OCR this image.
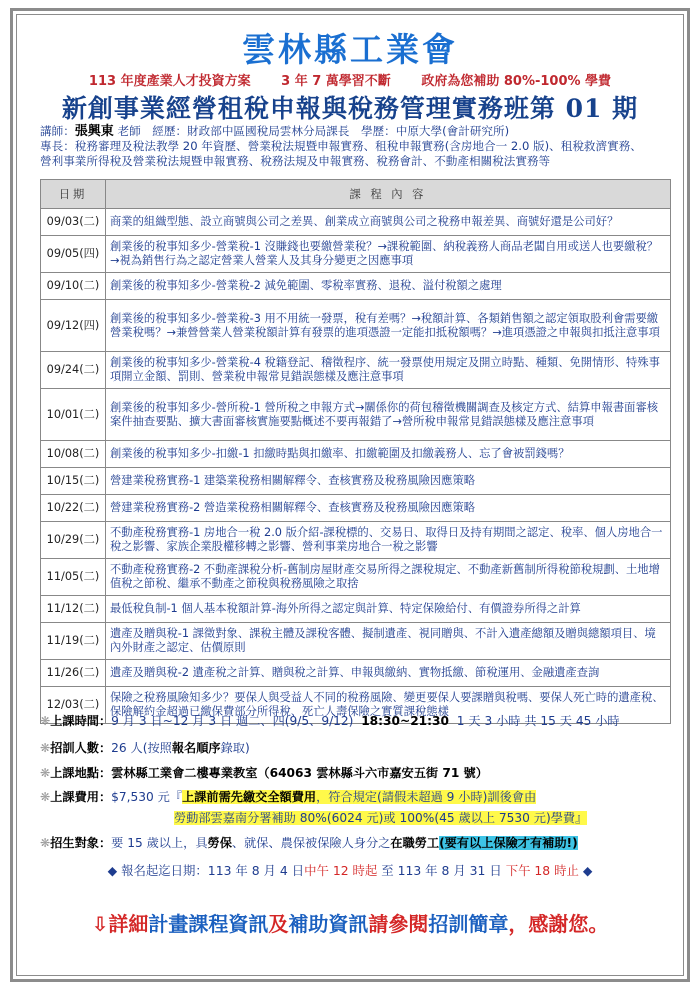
雲林縣工業會
113 年度產業人才投資方案 3 年 7 萬學習不斷 政府為您補助 80%-100% 學費
新創事業經營租稅申報與稅務管理實務班第 01 期
講師：張興東 老師　經歷：財政部中區國稅局雲林分局課長　學歷：中原大學(會計研究所)
專長：稅務審理及稅法教學 20 年資歷、營業稅法規暨申報實務、租稅申報實務(含房地合一 2.0 版)、租稅救濟實務、
營利事業所得稅及營業稅法規暨申報實務、稅務法規及申報實務、稅務會計、不動產相關稅法實務等
日期	課 程 內 容
09/03(二)	商業的組織型態、設立商號與公司之差異、創業成立商號與公司之稅務申報差異、商號好還是公司好？
09/05(四)	創業後的稅事知多少-營業稅-1 沒賺錢也要繳營業稅？→課稅範圍、納稅義務人商品老闆自用或送人也要繳稅？→視為銷售行為之認定營業人營業人及其身分變更之因應事項
09/10(二)	創業後的稅事知多少-營業稅-2 減免範圍、零稅率實務、退稅、溢付稅額之處理
09/12(四)	創業後的稅事知多少-營業稅-3 用不用統一發票，稅有差嗎？→稅額計算、各類銷售額之認定領取股利會需要繳營業稅嗎？→兼營營業人營業稅額計算有發票的進項憑證一定能扣抵稅額嗎？→進項憑證之申報與扣抵注意事項
09/24(二)	創業後的稅事知多少-營業稅-4 稅籍登記、稽徵程序、統一發票使用規定及開立時點、種類、免開情形、特殊事項開立金額、罰則、營業稅申報常見錯誤態樣及應注意事項
10/01(二)	創業後的稅事知多少-營所稅-1 營所稅之申報方式→關係你的荷包稽徵機關調查及核定方式、結算申報書面審核案件抽查要點、擴大書面審核實施要點概述不要再報錯了→營所稅申報常見錯誤態樣及應注意事項
10/08(二)	創業後的稅事知多少-扣繳-1 扣繳時點與扣繳率、扣繳範圍及扣繳義務人、忘了會被罰錢嗎？
10/15(二)	營建業稅務實務-1 建築業稅務相關解釋令、查核實務及稅務風險因應策略
10/22(二)	營建業稅務實務-2 營造業稅務相關解釋令、查核實務及稅務風險因應策略
10/29(二)	不動產稅務實務-1 房地合一稅 2.0 版介紹-課稅標的、交易日、取得日及持有期間之認定、稅率、個人房地合一稅之影響、家族企業股權移轉之影響、營利事業房地合一稅之影響
11/05(二)	不動產稅務實務-2 不動產課稅分析-舊制房屋財產交易所得之課稅規定、不動產新舊制所得稅節稅規劃、土地增值稅之節稅、繼承不動產之節稅與稅務風險之取捨
11/12(二)	最低稅負制-1 個人基本稅額計算-海外所得之認定與計算、特定保險給付、有價證券所得之計算
11/19(二)	遺產及贈與稅-1 課徵對象、課稅主體及課稅客體、擬制遺產、視同贈與、不計入遺產總額及贈與總額項目、境內外財產之認定、估價原則
11/26(二)	遺產及贈與稅-2 遺產稅之計算、贈與稅之計算、申報與繳納、實物抵繳、節稅運用、金融遺產查詢
12/03(二)	保險之稅務風險知多少？要保人與受益人不同的稅務風險、變更要保人要課贈與稅嗎、要保人死亡時的遺產稅、保險解約金超過已繳保費部分所得稅、死亡人壽保險之實質課稅態樣
❋上課時間：9 月 3 日~12 月 3 日 週二、四(9/5、9/12) 18:30~21:30 1 天 3 小時 共 15 天 45 小時
❋招訓人數：26 人(按照報名順序錄取)
❋上課地點：雲林縣工業會二樓專業教室（64063 雲林縣斗六市嘉安五街 71 號）
❋上課費用：$7,530 元『上課前需先繳交全額費用，符合規定(請假未超過 9 小時)訓後會由
勞動部雲嘉南分署補助 80%(6024 元)或 100%(45 歲以上 7530 元)學費』
❋招生對象：要 15 歲以上，具勞保、就保、農保被保險人身分之在職勞工(要有以上保險才有補助!)
◆ 報名起迄日期：113 年 8 月 4 日中午 12 時起 至 113 年 8 月 31 日 下午 18 時止 ◆
⇩詳細計畫課程資訊及補助資訊請參閱招訓簡章，感謝您。
